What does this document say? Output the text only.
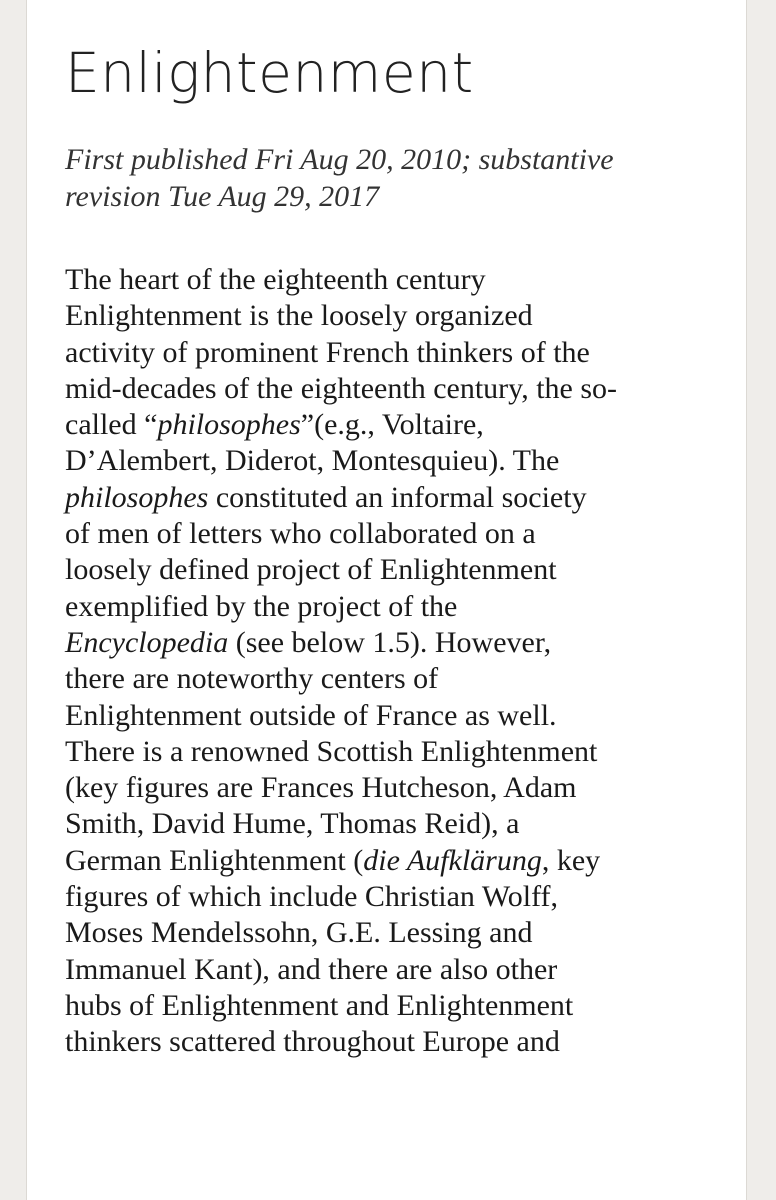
Enlightenment

First published Fri Aug 20, 2010; substantive
revision Tue Aug 29, 2017

The heart of the eighteenth century
Enlightenment is the loosely organized
activity of prominent French thinkers of the
mid-decades of the eighteenth century, the so-
called “philosophes”(e.g., Voltaire,
D’Alembert, Diderot, Montesquieu). The
philosophes constituted an informal society
of men of letters who collaborated on a
loosely defined project of Enlightenment
exemplified by the project of the
Encyclopedia (see below 1.5). However,
there are noteworthy centers of
Enlightenment outside of France as well.
There is a renowned Scottish Enlightenment
(key figures are Frances Hutcheson, Adam
Smith, David Hume, Thomas Reid), a
German Enlightenment (die Aufklärung, key
figures of which include Christian Wolff,
Moses Mendelssohn, G.E. Lessing and
Immanuel Kant), and there are also other
hubs of Enlightenment and Enlightenment
thinkers scattered throughout Europe and
